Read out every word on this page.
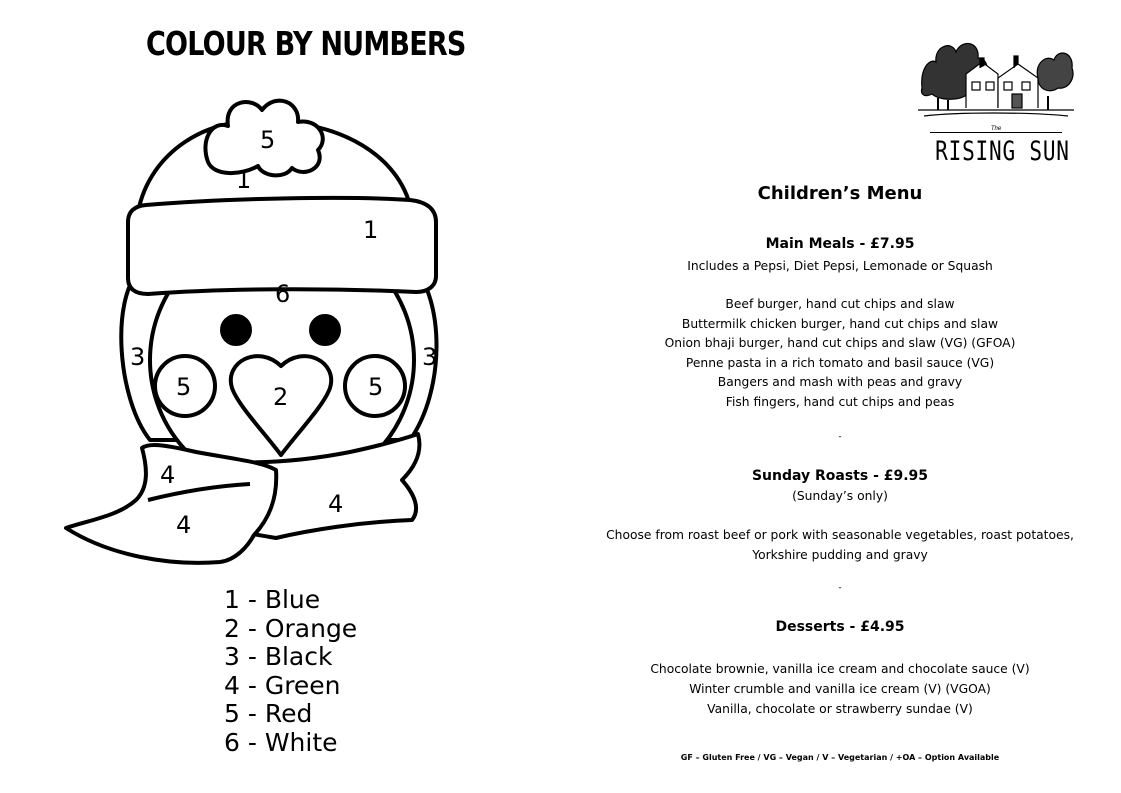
COLOUR BY NUMBERS
5
1
1
6
3	3
5	5
2
4
4
4
1 - Blue
2 - Orange
3 - Black
4 - Green
5 - Red
6 - White
The
RISING SUN
Children’s Menu
Main Meals - £7.95
Includes a Pepsi, Diet Pepsi, Lemonade or Squash
Beef burger, hand cut chips and slaw
Buttermilk chicken burger, hand cut chips and slaw
Onion bhaji burger, hand cut chips and slaw (VG) (GFOA)
Penne pasta in a rich tomato and basil sauce (VG)
Bangers and mash with peas and gravy
Fish fingers, hand cut chips and peas
-
Sunday Roasts - £9.95
(Sunday’s only)
Choose from roast beef or pork with seasonable vegetables, roast potatoes,
Yorkshire pudding and gravy
-
Desserts - £4.95
Chocolate brownie, vanilla ice cream and chocolate sauce (V)
Winter crumble and vanilla ice cream (V) (VGOA)
Vanilla, chocolate or strawberry sundae (V)
GF – Gluten Free / VG – Vegan / V – Vegetarian / +OA – Option Available
